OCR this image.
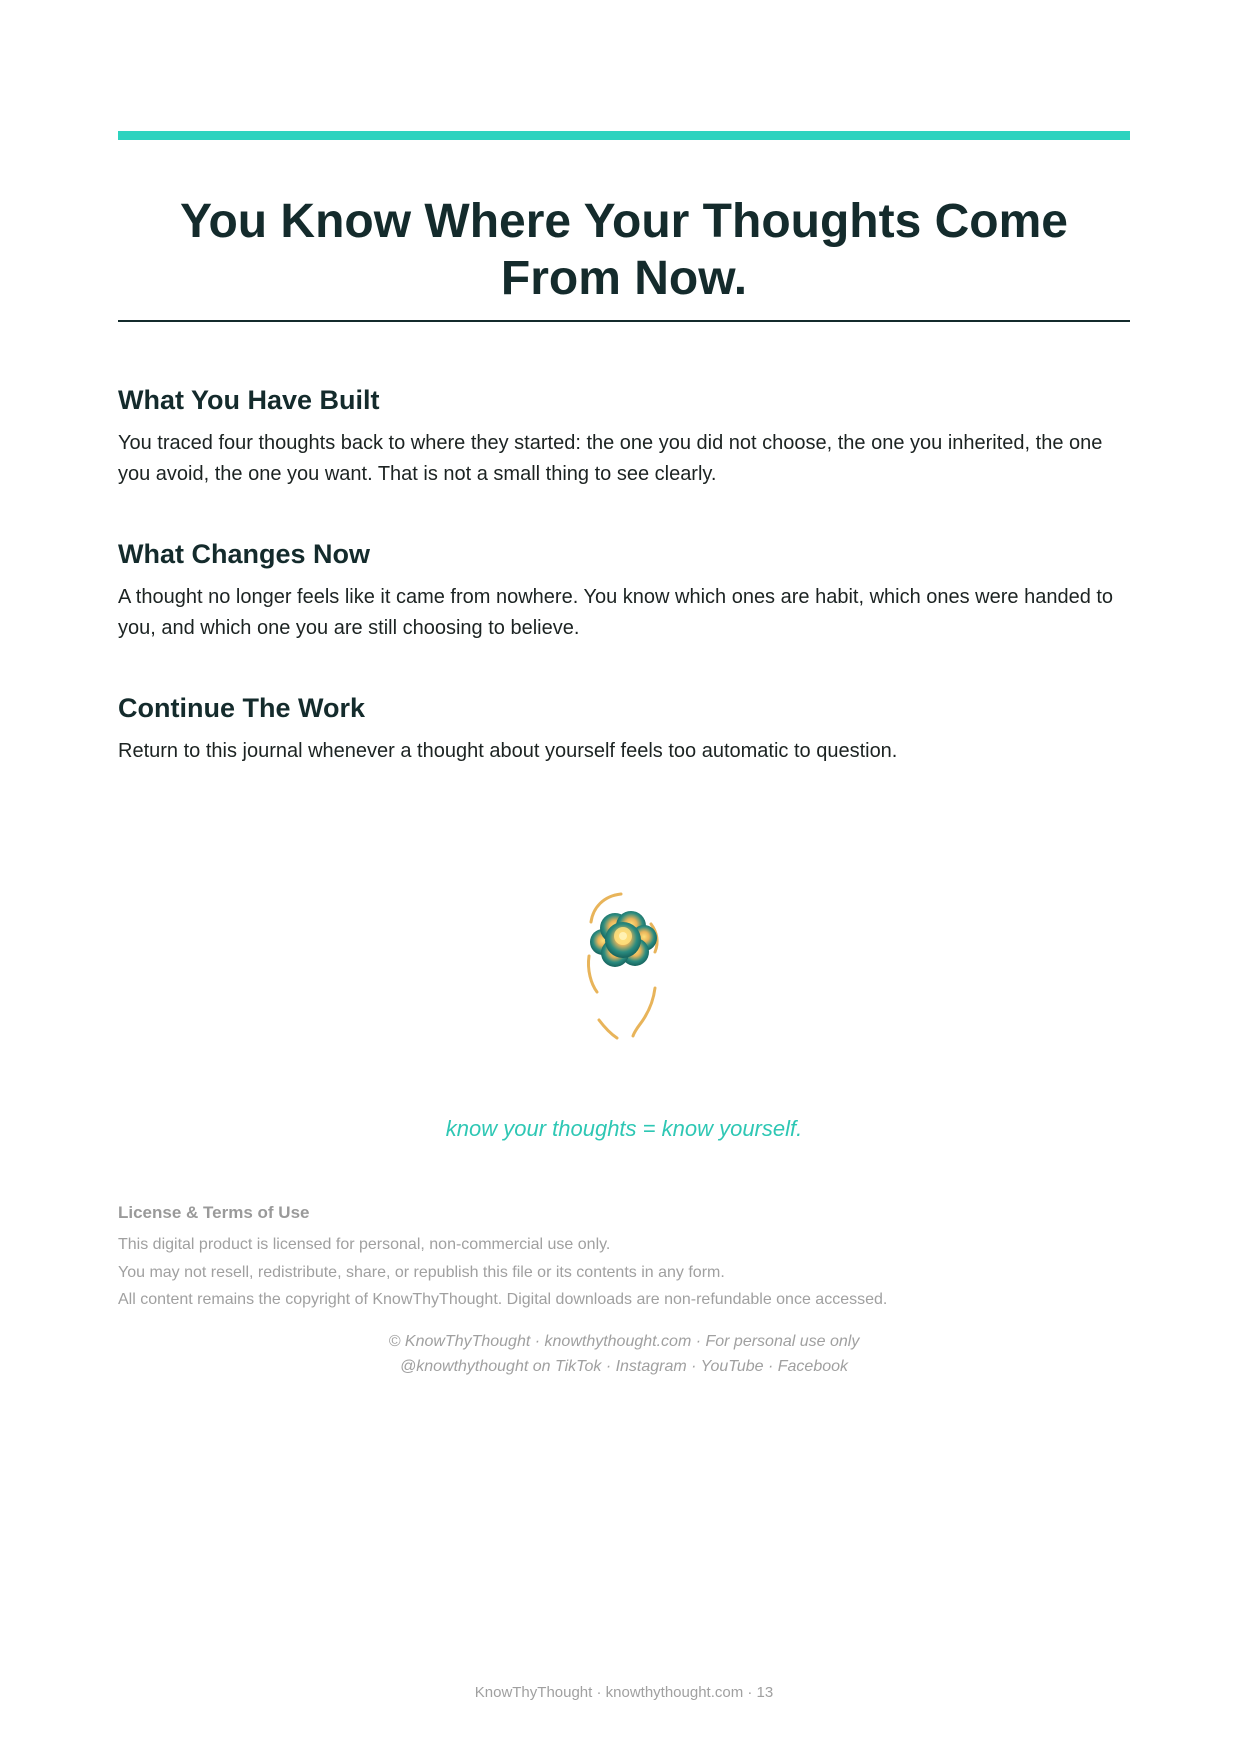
You Know Where Your Thoughts Come From Now.
What You Have Built

You traced four thoughts back to where they started: the one you did not choose, the one you inherited, the one you avoid, the one you want. That is not a small thing to see clearly.

What Changes Now

A thought no longer feels like it came from nowhere. You know which ones are habit, which ones were handed to you, and which one you are still choosing to believe.

Continue The Work

Return to this journal whenever a thought about yourself feels too automatic to question.

know your thoughts = know yourself.

License & Terms of Use

This digital product is licensed for personal, non-commercial use only.

You may not resell, redistribute, share, or republish this file or its contents in any form.

All content remains the copyright of KnowThyThought. Digital downloads are non-refundable once accessed.

© KnowThyThought · knowthythought.com · For personal use only

@knowthythought on TikTok · Instagram · YouTube · Facebook

KnowThyThought · knowthythought.com · 13
